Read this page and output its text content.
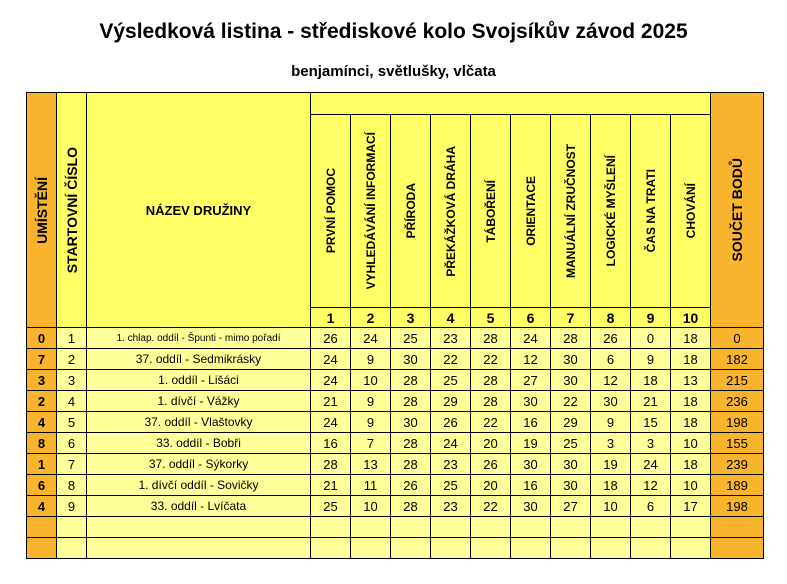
Výsledková listina - střediskové kolo Svojsíkův závod 2025
benjamínci, světlušky, vlčata
UMÍSTĚNÍ	STARTOVNÍ ČÍSLO	NÁZEV DRUŽINY											SOUČET BODŮ

			PRVNÍ POMOC	VYHLEDÁVÁNÍ INFORMACÍ	PŘÍRODA	PŘEKÁŽKOVÁ DRÁHA	TÁBOŘENÍ	ORIENTACE	MANUÁLNÍ ZRUČNOST	LOGICKÉ MYŠLENÍ	ČAS NA TRATI	CHOVÁNÍ	

			1	2	3	4	5	6	7	8	9	10	
0	1	1. chlap. oddíl - Špunti - mimo pořadí	26	24	25	23	28	24	28	26	0	18	0
7	2	37. oddíl - Sedmikrásky	24	9	30	22	22	12	30	6	9	18	182
3	3	1. oddíl - Lišáci	24	10	28	25	28	27	30	12	18	13	215
2	4	1. dívčí - Vážky	21	9	28	29	28	30	22	30	21	18	236
4	5	37. oddíl - Vlaštovky	24	9	30	26	22	16	29	9	15	18	198
8	6	33. oddíl - Bobři	16	7	28	24	20	19	25	3	3	10	155
1	7	37. oddíl - Sýkorky	28	13	28	23	26	30	30	19	24	18	239
6	8	1. dívčí oddíl - Sovičky	21	11	26	25	20	16	30	18	12	10	189
4	9	33. oddíl - Lvíčata	25	10	28	23	22	30	27	10	6	17	198
